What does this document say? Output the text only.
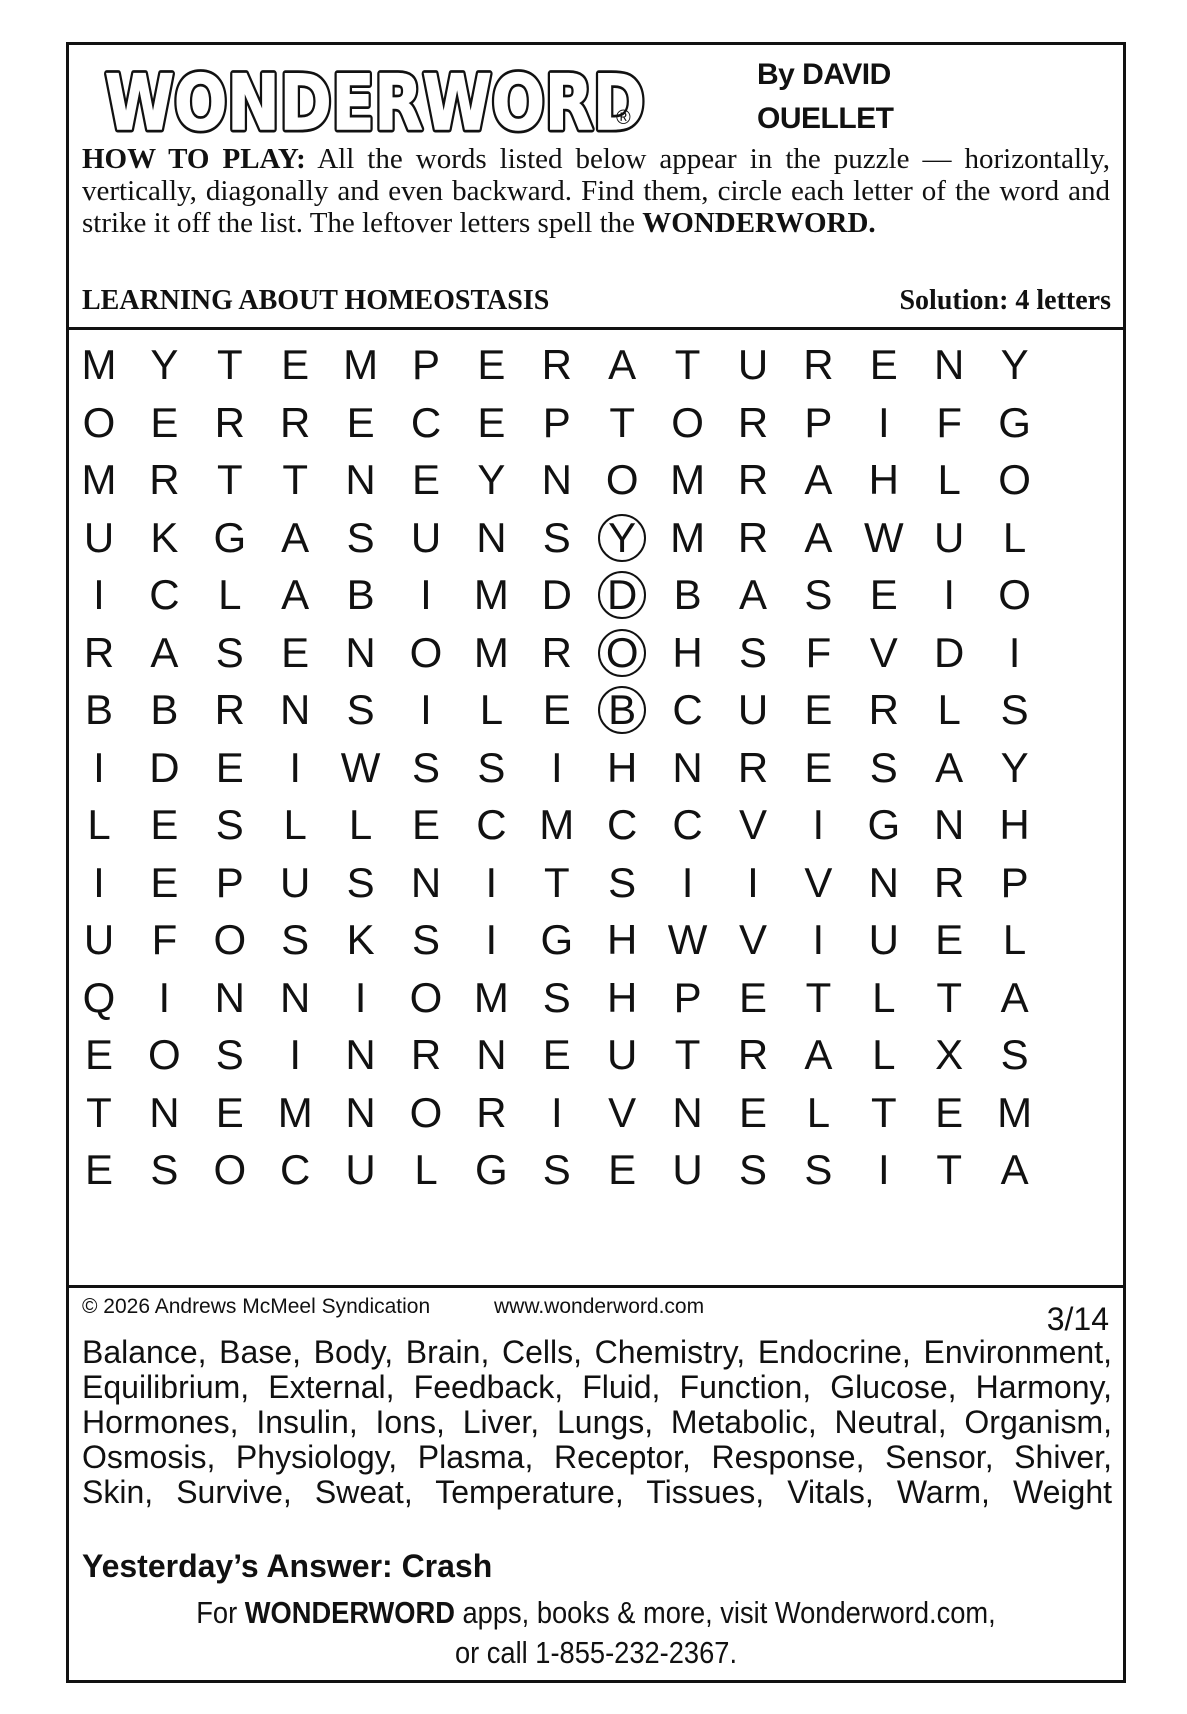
WONDERWORD
WONDERWORD
®
By DAVID
OUELLET
HOW TO PLAY: All the words listed below appear in the puzzle — horizontally, vertically, diagonally and even backward. Find them, circle each letter of the word and strike it off the list. The leftover letters spell the WONDERWORD.
LEARNING ABOUT HOMEOSTASIS	Solution: 4 letters
M Y T E M P E R A T U R E N Y
O E R R E C E P T O R P	I	F G
M R T T N E Y N O M R A H L O
U K G A S U N S Y M R A W U L
I	C L A B	I	M D D B A S E	I	O
R A S E N O M R O H S F V D	I
B B R N S	I	L E B C U E R L S
I	D E	I W S S	I	H N R E S A Y
L E S L	L E C M C C V	I	G N H
I	E P U S N	I	T S	I	I	V N R P
U F O S K S	I	G H W V	I	U E L
Q	I	N N	I	O M S H P E T L T A
E O S	I	N R N E U T R A L X S
T N E M N O R	I	V N E L T E M
E S O C U L G S E U S S	I	T A
© 2026 Andrews McMeel Syndication	www.wonderword.com	3/14
Balance, Base, Body, Brain, Cells, Chemistry, Endocrine, Environment, Equilibrium, External, Feedback, Fluid, Function, Glucose, Harmony, Hormones, Insulin, Ions, Liver, Lungs, Metabolic, Neutral, Organism, Osmosis, Physiology, Plasma, Receptor, Response, Sensor, Shiver, Skin, Survive, Sweat, Temperature, Tissues, Vitals, Warm, Weight
Yesterday’s Answer: Crash
For WONDERWORD apps, books & more, visit Wonderword.com,
or call 1-855-232-2367.
